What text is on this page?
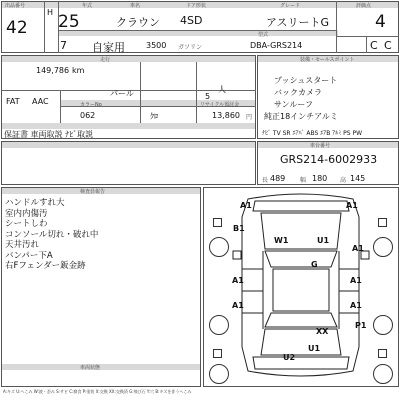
出品番号
42
H 25
年式	車名
クラウン
ドア形状
4SD
グレード
アスリートG
評価点
4
7 自家用	3500 ガソリン
型式
DBA-GRS214	C C
走行
149,786 km
FAT AAC
パール	人
5
カラーNo
062	ｸﾛ
リサイクル預託金
13,860 円
保証書 車両取説 ﾅﾋﾞ取説
装備・セールスポイント
プッシュスタート
バックカメラ
サンルーフ
純正18インチアルミ
ﾅﾋﾞ TV SR ｴｱﾊﾞ ABS ｴｱB ｱﾙﾐ PS PW
車台番号
GRS214-6002933
長 489 幅 180 高 145
検査員報告
ハンドルすれ大
室内内傷汚
シートしわ
コンソール切れ・破れ中
天井汚れ
バンパー下A
右Fフェンダー鈑金跡
車両状態
A:キズ U:へこみ W:波・歪み S:サビ C:腐食 P:塗装 X:交換 XX:交換済 G:飛び石 Y:穴 B:キズを伴うへこみ
A1	A1
B1
W1	U1
A1
G
A1	A1
A1	A1
P1
XX
U1
U2
